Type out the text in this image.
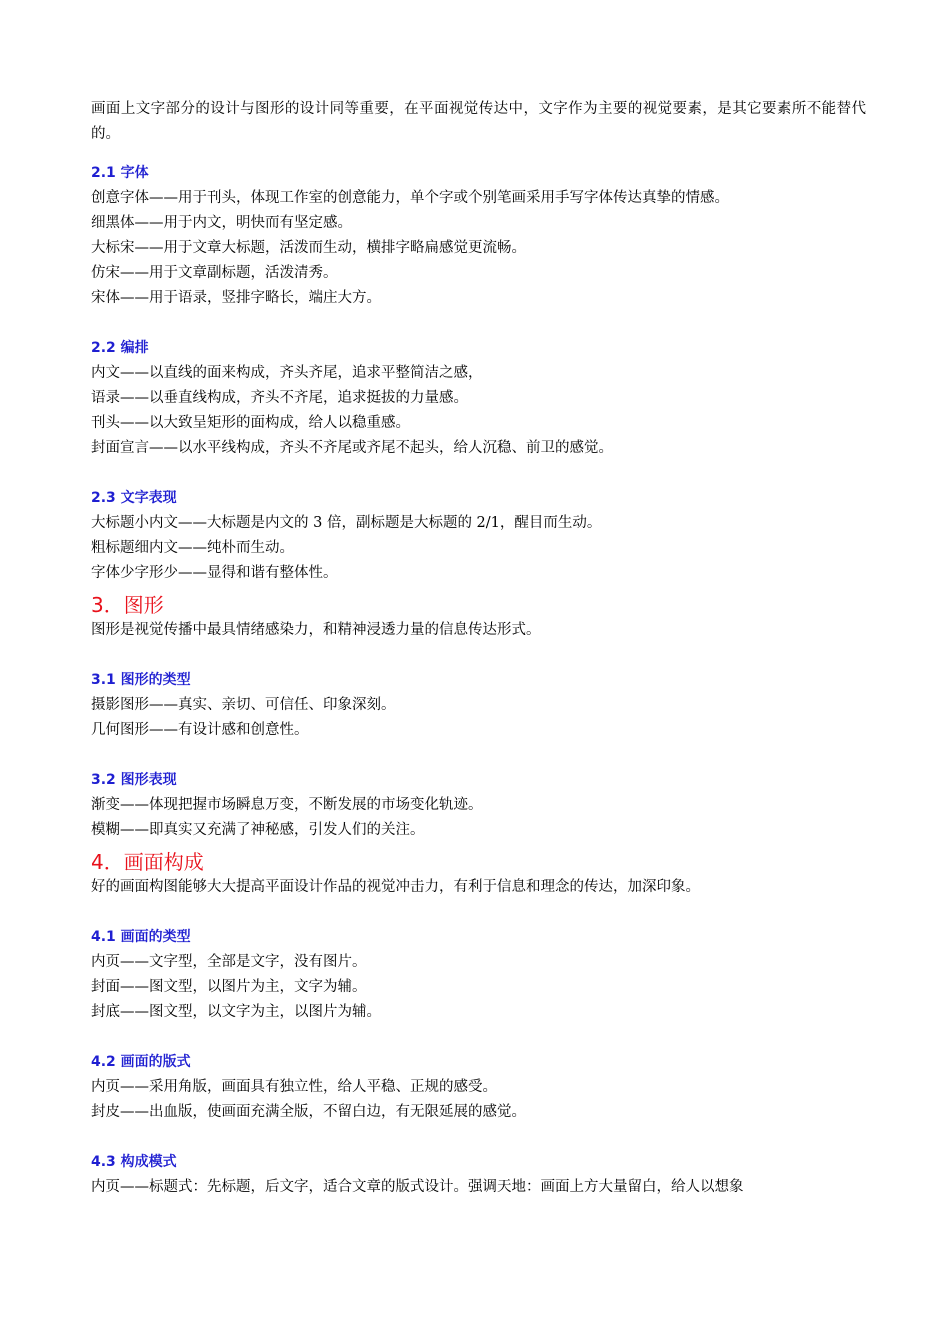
画面上文字部分的设计与图形的设计同等重要，在平面视觉传达中，文字作为主要的视觉要素，是其它要素所不能替代的。

2.1 字体

创意字体——用于刊头，体现工作室的创意能力，单个字或个别笔画采用手写字体传达真挚的情感。

细黑体——用于内文，明快而有坚定感。

大标宋——用于文章大标题，活泼而生动，横排字略扁感觉更流畅。

仿宋——用于文章副标题，活泼清秀。

宋体——用于语录，竖排字略长，端庄大方。

2.2 编排

内文——以直线的面来构成，齐头齐尾，追求平整简洁之感，

语录——以垂直线构成，齐头不齐尾，追求挺拔的力量感。

刊头——以大致呈矩形的面构成，给人以稳重感。

封面宣言——以水平线构成，齐头不齐尾或齐尾不起头，给人沉稳、前卫的感觉。

2.3 文字表现

大标题小内文——大标题是内文的 3 倍，副标题是大标题的 2/1，醒目而生动。

粗标题细内文——纯朴而生动。

字体少字形少——显得和谐有整体性。

3．图形

图形是视觉传播中最具情绪感染力，和精神浸透力量的信息传达形式。

3.1 图形的类型

摄影图形——真实、亲切、可信任、印象深刻。

几何图形——有设计感和创意性。

3.2 图形表现

渐变——体现把握市场瞬息万变，不断发展的市场变化轨迹。

模糊——即真实又充满了神秘感，引发人们的关注。

4．画面构成

好的画面构图能够大大提高平面设计作品的视觉冲击力，有利于信息和理念的传达，加深印象。

4.1 画面的类型

内页——文字型，全部是文字，没有图片。

封面——图文型，以图片为主，文字为辅。

封底——图文型，以文字为主，以图片为辅。

4.2 画面的版式

内页——采用角版，画面具有独立性，给人平稳、正规的感受。

封皮——出血版，使画面充满全版，不留白边，有无限延展的感觉。

4.3 构成模式

内页——标题式：先标题，后文字，适合文章的版式设计。强调天地：画面上方大量留白，给人以想象
